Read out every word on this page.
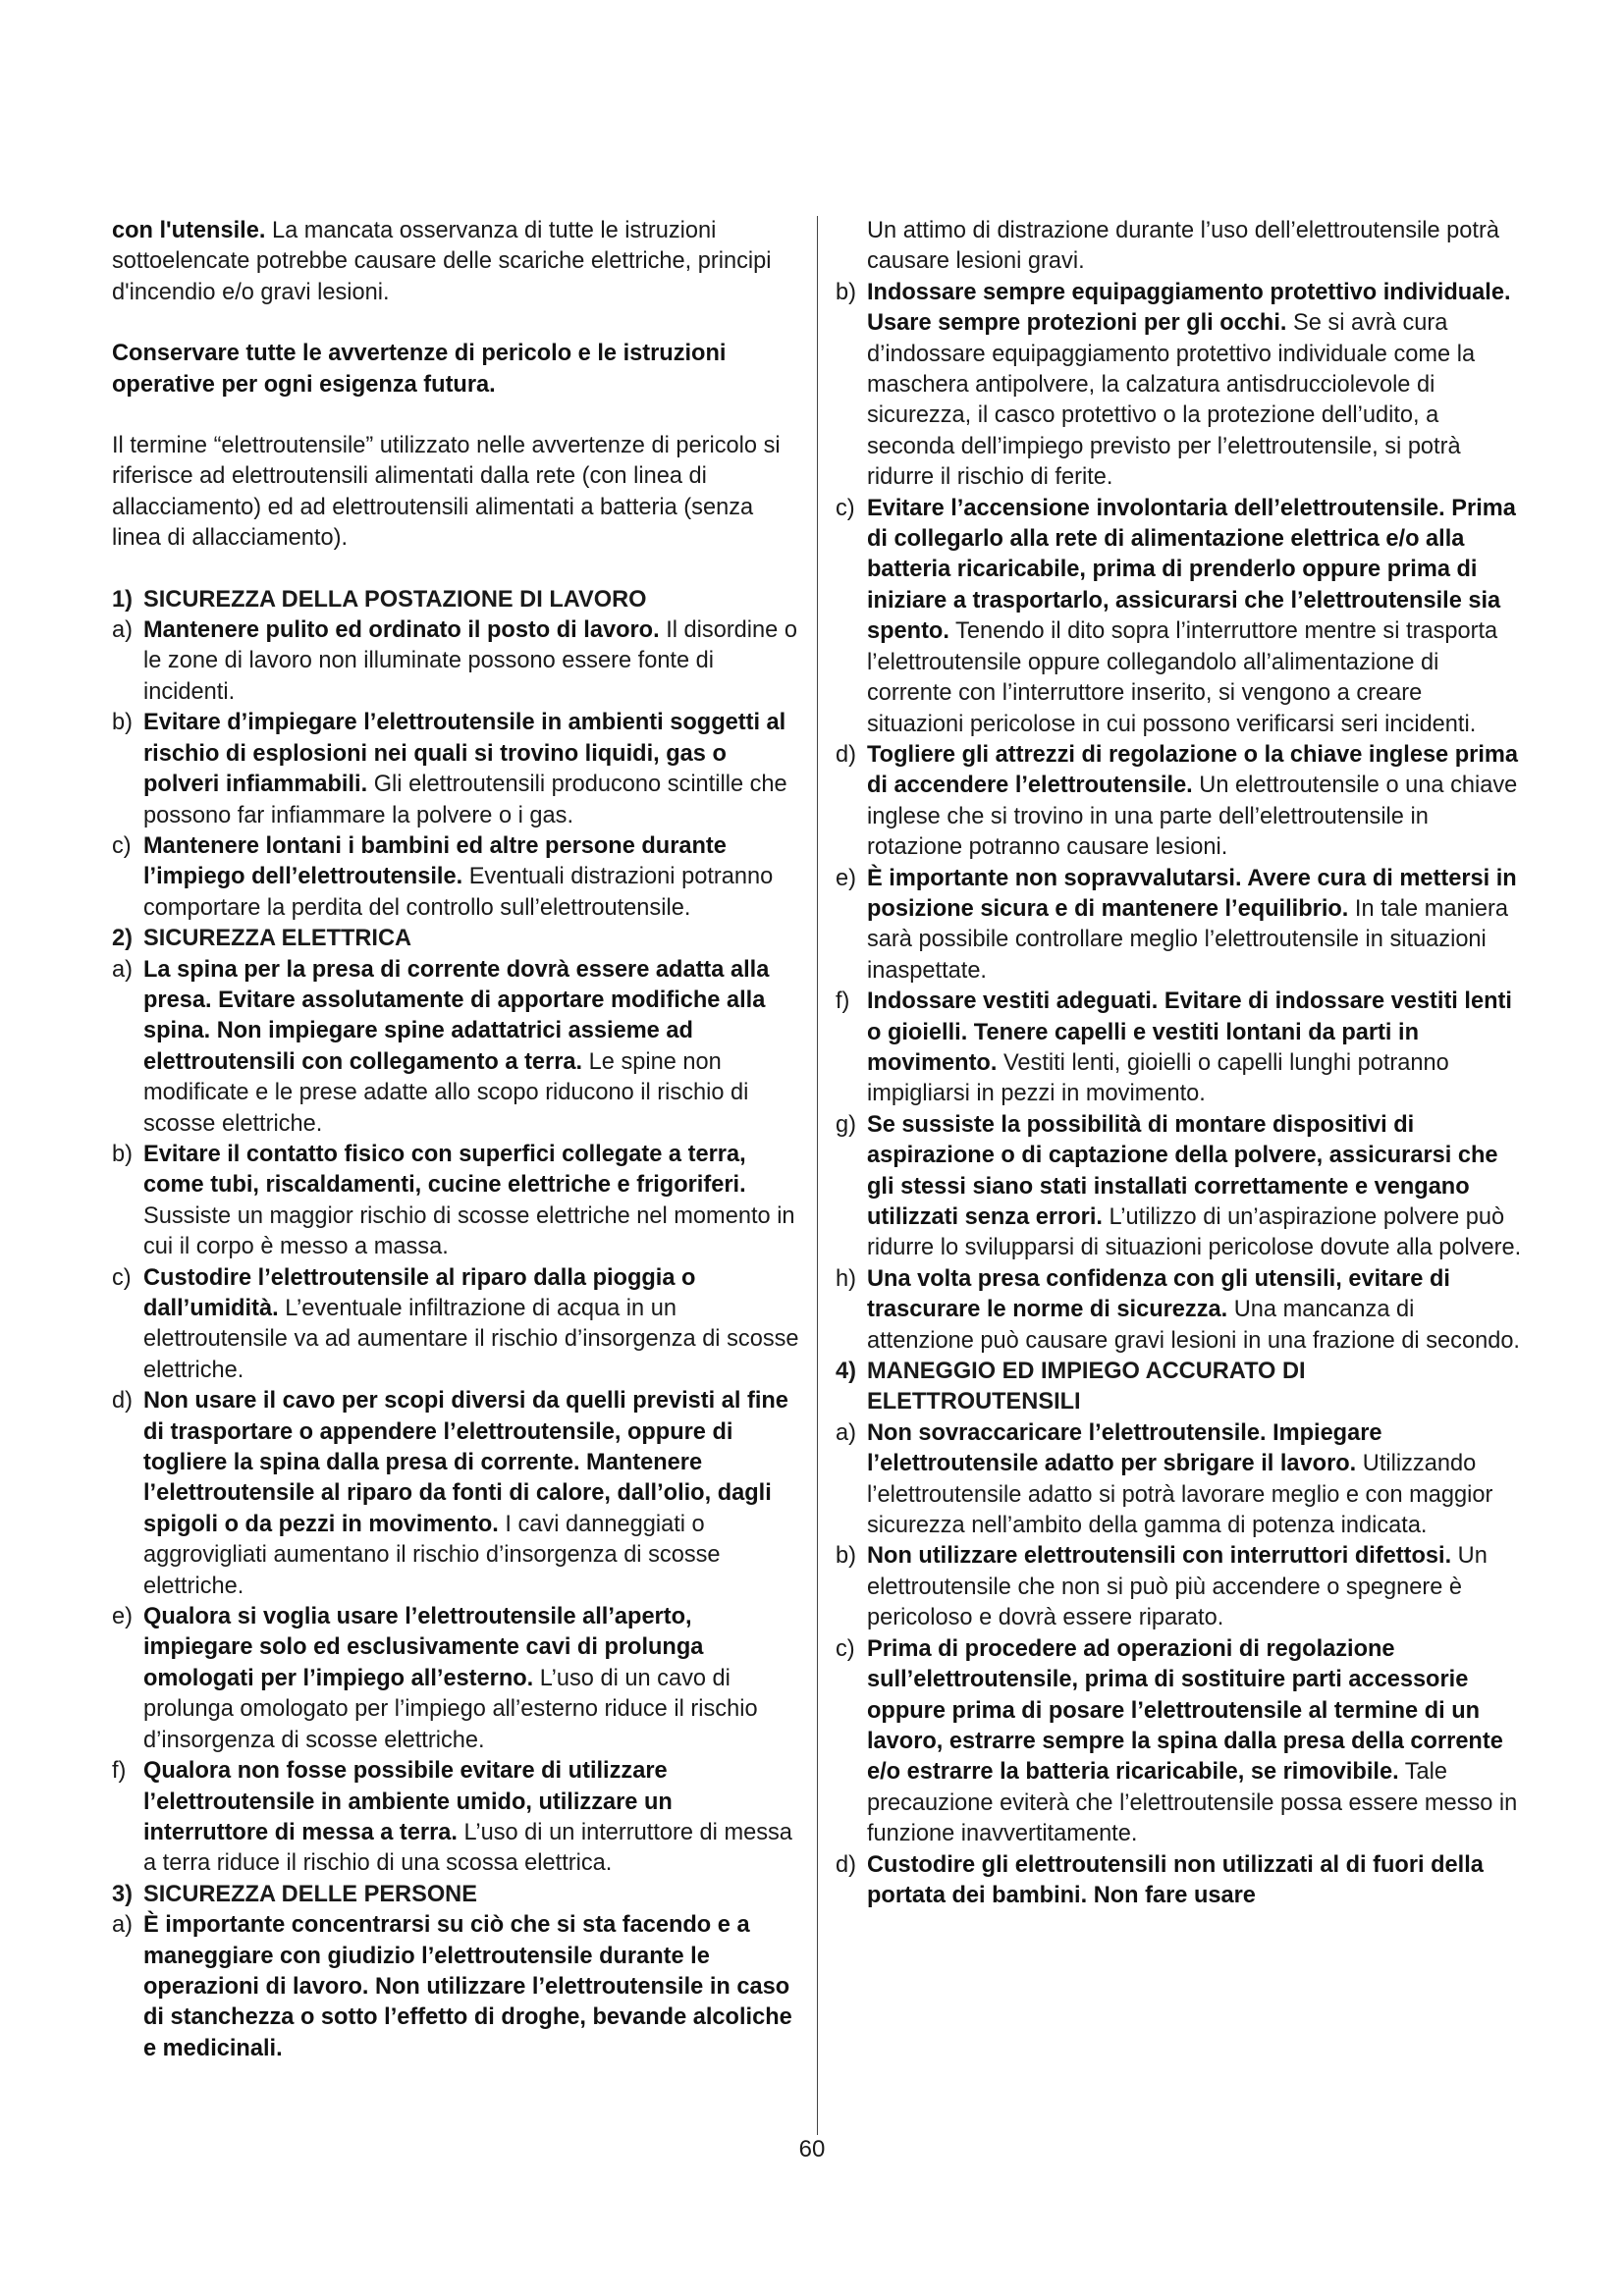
con l'utensile. La mancata osservanza di tutte le istruzioni sottoelencate potrebbe causare delle scariche elettriche, principi d'incendio e/o gravi lesioni.

Conservare tutte le avvertenze di pericolo e le istruzioni operative per ogni esigenza futura.

Il termine “elettroutensile” utilizzato nelle avvertenze di pericolo si riferisce ad elettroutensili alimentati dalla rete (con linea di allacciamento) ed ad elettroutensili alimentati a batteria (senza linea di allacciamento).

1) SICUREZZA DELLA POSTAZIONE DI LAVORO
a) Mantenere pulito ed ordinato il posto di lavoro. Il disordine o le zone di lavoro non illuminate possono essere fonte di incidenti.
b) Evitare d’impiegare l’elettroutensile in ambienti soggetti al rischio di esplosioni nei quali si trovino liquidi, gas o polveri infiammabili. Gli elettroutensili producono scintille che possono far infiammare la polvere o i gas.
c) Mantenere lontani i bambini ed altre persone durante l’impiego dell’elettroutensile. Eventuali distrazioni potranno comportare la perdita del controllo sull’elettroutensile.
2) SICUREZZA ELETTRICA
a) La spina per la presa di corrente dovrà essere adatta alla presa. Evitare assolutamente di apportare modifiche alla spina. Non impiegare spine adattatrici assieme ad elettroutensili con collegamento a terra. Le spine non modificate e le prese adatte allo scopo riducono il rischio di scosse elettriche.
b) Evitare il contatto fisico con superfici collegate a terra, come tubi, riscaldamenti, cucine elettriche e frigoriferi. Sussiste un maggior rischio di scosse elettriche nel momento in cui il corpo è messo a massa.
c) Custodire l’elettroutensile al riparo dalla pioggia o dall’umidità. L’eventuale infiltrazione di acqua in un elettroutensile va ad aumentare il rischio d’insorgenza di scosse elettriche.
d) Non usare il cavo per scopi diversi da quelli previsti al fine di trasportare o appendere l’elettroutensile, oppure di togliere la spina dalla presa di corrente. Mantenere l’elettroutensile al riparo da fonti di calore, dall’olio, dagli spigoli o da pezzi in movimento. I cavi danneggiati o aggrovigliati aumentano il rischio d’insorgenza di scosse elettriche.
e) Qualora si voglia usare l’elettroutensile all’aperto, impiegare solo ed esclusivamente cavi di prolunga omologati per l’impiego all’esterno. L’uso di un cavo di prolunga omologato per l’impiego all’esterno riduce il rischio d’insorgenza di scosse elettriche.
f) Qualora non fosse possibile evitare di utilizzare l’elettroutensile in ambiente umido, utilizzare un interruttore di messa a terra. L’uso di un interruttore di messa a terra riduce il rischio di una scossa elettrica.
3) SICUREZZA DELLE PERSONE
a) È importante concentrarsi su ciò che si sta facendo e a maneggiare con giudizio l’elettroutensile durante le operazioni di lavoro. Non utilizzare l’elettroutensile in caso di stanchezza o sotto l’effetto di droghe, bevande alcoliche e medicinali.
Un attimo di distrazione durante l’uso dell’elettroutensile potrà causare lesioni gravi.
b) Indossare sempre equipaggiamento protettivo individuale. Usare sempre protezioni per gli occhi. Se si avrà cura d’indossare equipaggiamento protettivo individuale come la maschera antipolvere, la calzatura antisdrucciolevole di sicurezza, il casco protettivo o la protezione dell’udito, a seconda dell’impiego previsto per l’elettroutensile, si potrà ridurre il rischio di ferite.
c) Evitare l’accensione involontaria dell’elettroutensile. Prima di collegarlo alla rete di alimentazione elettrica e/o alla batteria ricaricabile, prima di prenderlo oppure prima di iniziare a trasportarlo, assicurarsi che l’elettroutensile sia spento. Tenendo il dito sopra l’interruttore mentre si trasporta l’elettroutensile oppure collegandolo all’alimentazione di corrente con l’interruttore inserito, si vengono a creare situazioni pericolose in cui possono verificarsi seri incidenti.
d) Togliere gli attrezzi di regolazione o la chiave inglese prima di accendere l’elettroutensile. Un elettroutensile o una chiave inglese che si trovino in una parte dell’elettroutensile in rotazione potranno causare lesioni.
e) È importante non sopravvalutarsi. Avere cura di mettersi in posizione sicura e di mantenere l’equilibrio. In tale maniera sarà possibile controllare meglio l’elettroutensile in situazioni inaspettate.
f) Indossare vestiti adeguati. Evitare di indossare vestiti lenti o gioielli. Tenere capelli e vestiti lontani da parti in movimento. Vestiti lenti, gioielli o capelli lunghi potranno impigliarsi in pezzi in movimento.
g) Se sussiste la possibilità di montare dispositivi di aspirazione o di captazione della polvere, assicurarsi che gli stessi siano stati installati correttamente e vengano utilizzati senza errori. L’utilizzo di un’aspirazione polvere può ridurre lo svilupparsi di situazioni pericolose dovute alla polvere.
h) Una volta presa confidenza con gli utensili, evitare di trascurare le norme di sicurezza. Una mancanza di attenzione può causare gravi lesioni in una frazione di secondo.
4) MANEGGIO ED IMPIEGO ACCURATO DI ELETTROUTENSILI
a) Non sovraccaricare l’elettroutensile. Impiegare l’elettroutensile adatto per sbrigare il lavoro. Utilizzando l’elettroutensile adatto si potrà lavorare meglio e con maggior sicurezza nell’ambito della gamma di potenza indicata.
b) Non utilizzare elettroutensili con interruttori difettosi. Un elettroutensile che non si può più accendere o spegnere è pericoloso e dovrà essere riparato.
c) Prima di procedere ad operazioni di regolazione sull’elettroutensile, prima di sostituire parti accessorie oppure prima di posare l’elettroutensile al termine di un lavoro, estrarre sempre la spina dalla presa della corrente e/o estrarre la batteria ricaricabile, se rimovibile. Tale precauzione eviterà che l’elettroutensile possa essere messo in funzione inavvertitamente.
d) Custodire gli elettroutensili non utilizzati al di fuori della portata dei bambini. Non fare usare
60
